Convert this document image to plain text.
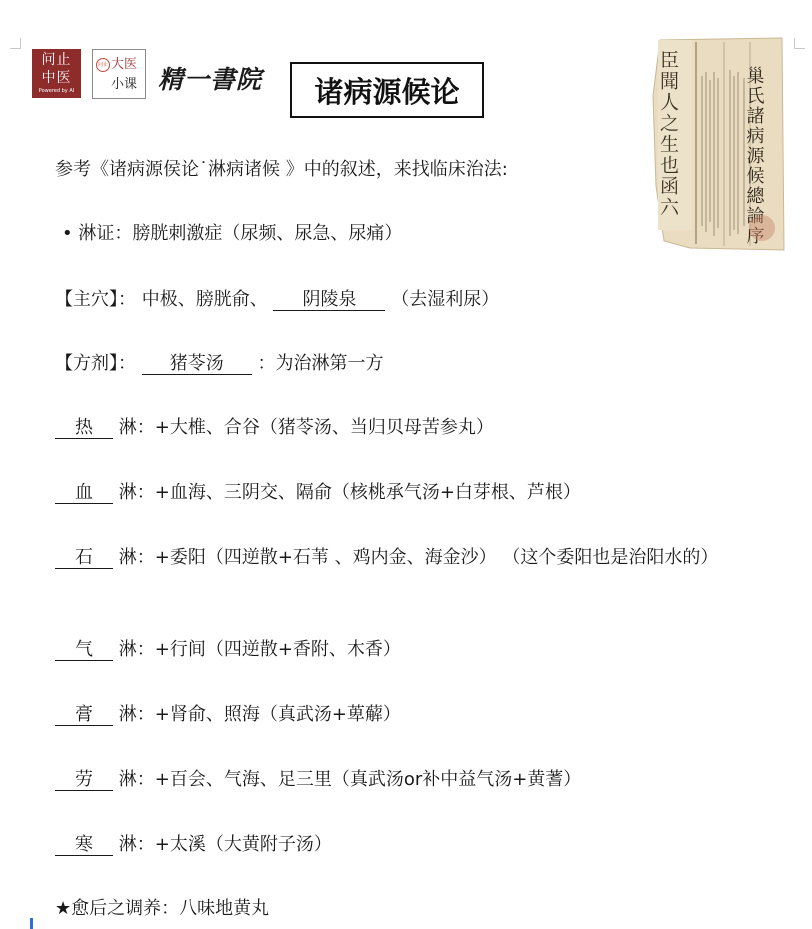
问止
中医
Powered by AI
问止 大医
小课 精一書院 诸病源候论	巢氏諸病源候總論序
臣聞人之生也函六
参考《诸病源侯论˙淋病诸候 》中的叙述，来找临床治法:
• 淋证：膀胱刺激症（尿频、尿急、尿痛）
【主穴】： 中极、膀胱俞、 阴陵泉 （去湿利尿）
【方剂】： 猪苓汤 ：为治淋第一方
热 淋：+大椎、合谷（猪苓汤、当归贝母苦参丸）
血 淋：+血海、三阴交、隔俞（核桃承气汤+白芽根、芦根）
石 淋：+委阳（四逆散+石苇 、鸡内金、海金沙） （这个委阳也是治阳水的）
气 淋：+行间（四逆散+香附、木香）
膏 淋：+肾俞、照海（真武汤+萆薢）
劳 淋：+百会、气海、足三里（真武汤or补中益气汤+黄蓍）
寒 淋：+太溪（大黄附子汤）
★愈后之调养：八味地黄丸
